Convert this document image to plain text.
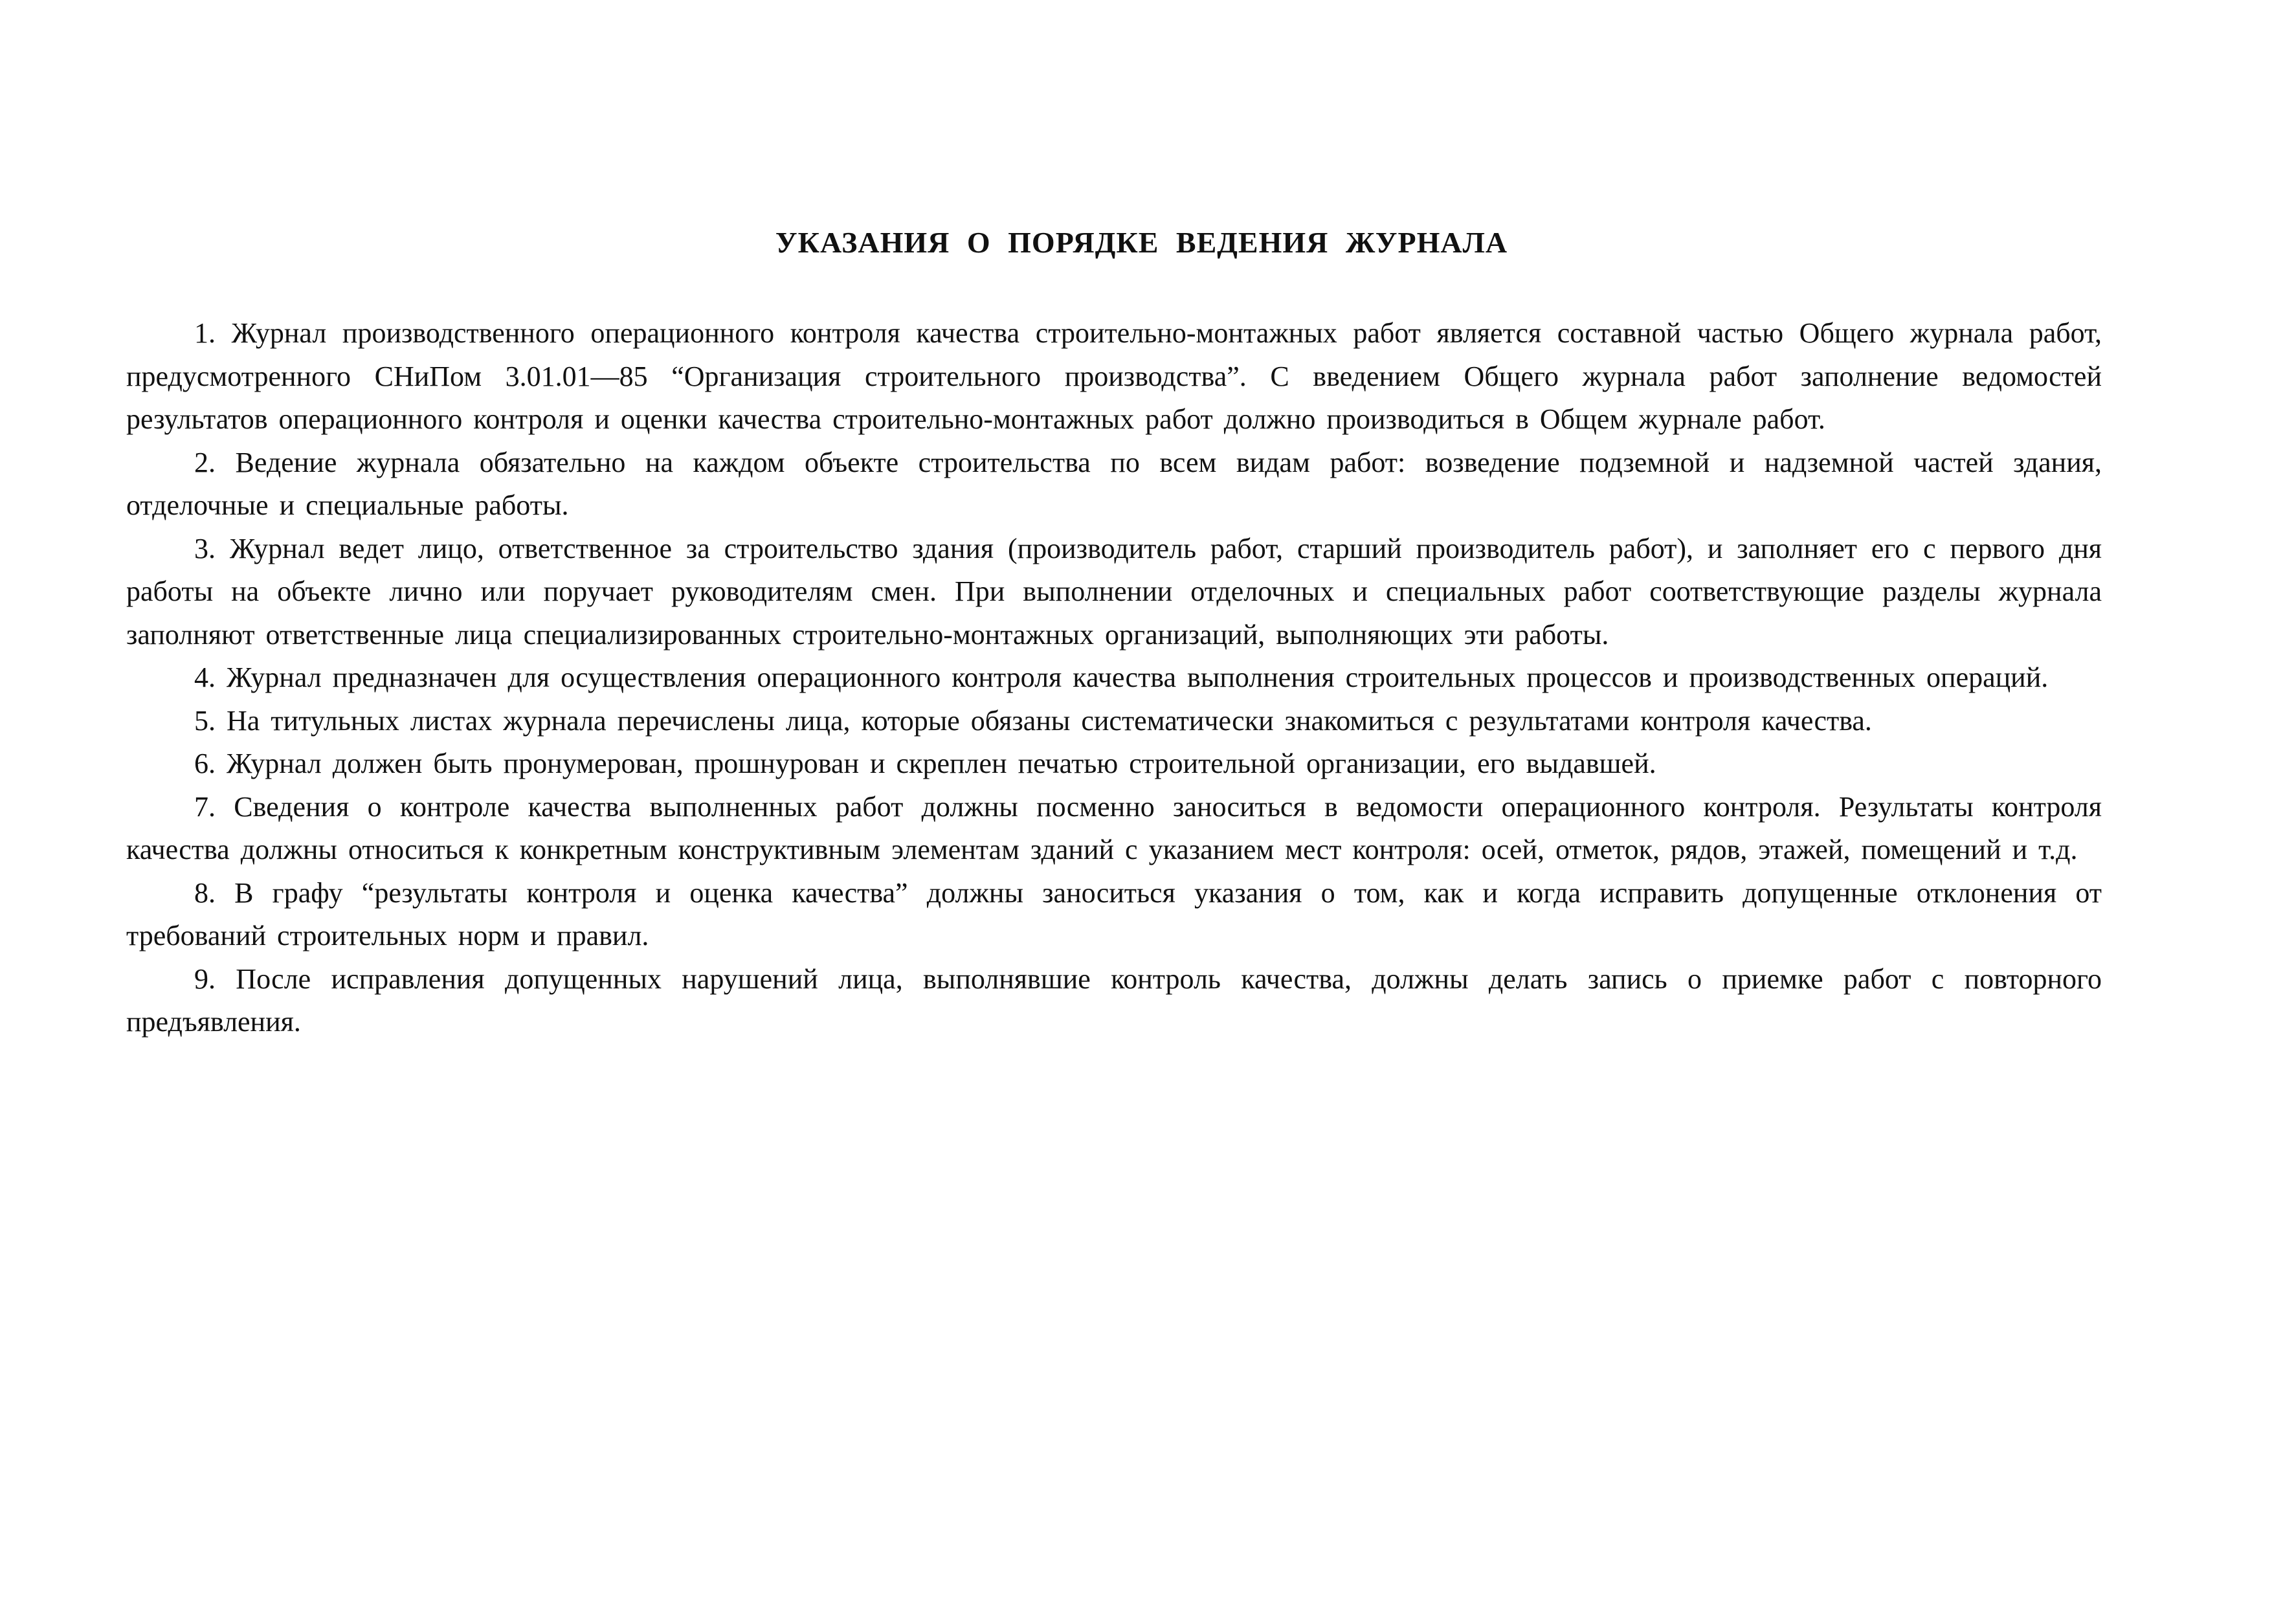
УКАЗАНИЯ О ПОРЯДКЕ ВЕДЕНИЯ ЖУРНАЛА

1. Журнал производственного операционного контроля качества строительно-монтажных работ является составной частью Общего журнала работ, предусмотренного СНиПом 3.01.01—85 “Организация строительного производства”. С введением Общего журнала работ заполнение ведомостей результатов операционного контроля и оценки качества строительно-монтажных работ должно производиться в Общем журнале работ.

2. Ведение журнала обязательно на каждом объекте строительства по всем видам работ: возведение подземной и надземной частей здания, отделочные и специальные работы.

3. Журнал ведет лицо, ответственное за строительство здания (производитель работ, старший производитель работ), и заполняет его с первого дня работы на объекте лично или поручает руководителям смен. При выполнении отделочных и специальных работ соответствующие разделы журнала заполняют ответственные лица специализированных строительно-монтажных организаций, выполняющих эти работы.

4. Журнал предназначен для осуществления операционного контроля качества выполнения строительных процессов и производственных операций.

5. На титульных листах журнала перечислены лица, которые обязаны систематически знакомиться с результатами контроля качества.

6. Журнал должен быть пронумерован, прошнурован и скреплен печатью строительной организации, его выдавшей.

7. Сведения о контроле качества выполненных работ должны посменно заноситься в ведомости операционного контроля. Результаты контроля качества должны относиться к конкретным конструктивным элементам зданий с указанием мест контроля: осей, отметок, рядов, этажей, помещений и т.д.

8. В графу “результаты контроля и оценка качества” должны заноситься указания о том, как и когда исправить допущенные отклонения от требований строительных норм и правил.

9. После исправления допущенных нарушений лица, выполнявшие контроль качества, должны делать запись о приемке работ с повторного предъявления.
